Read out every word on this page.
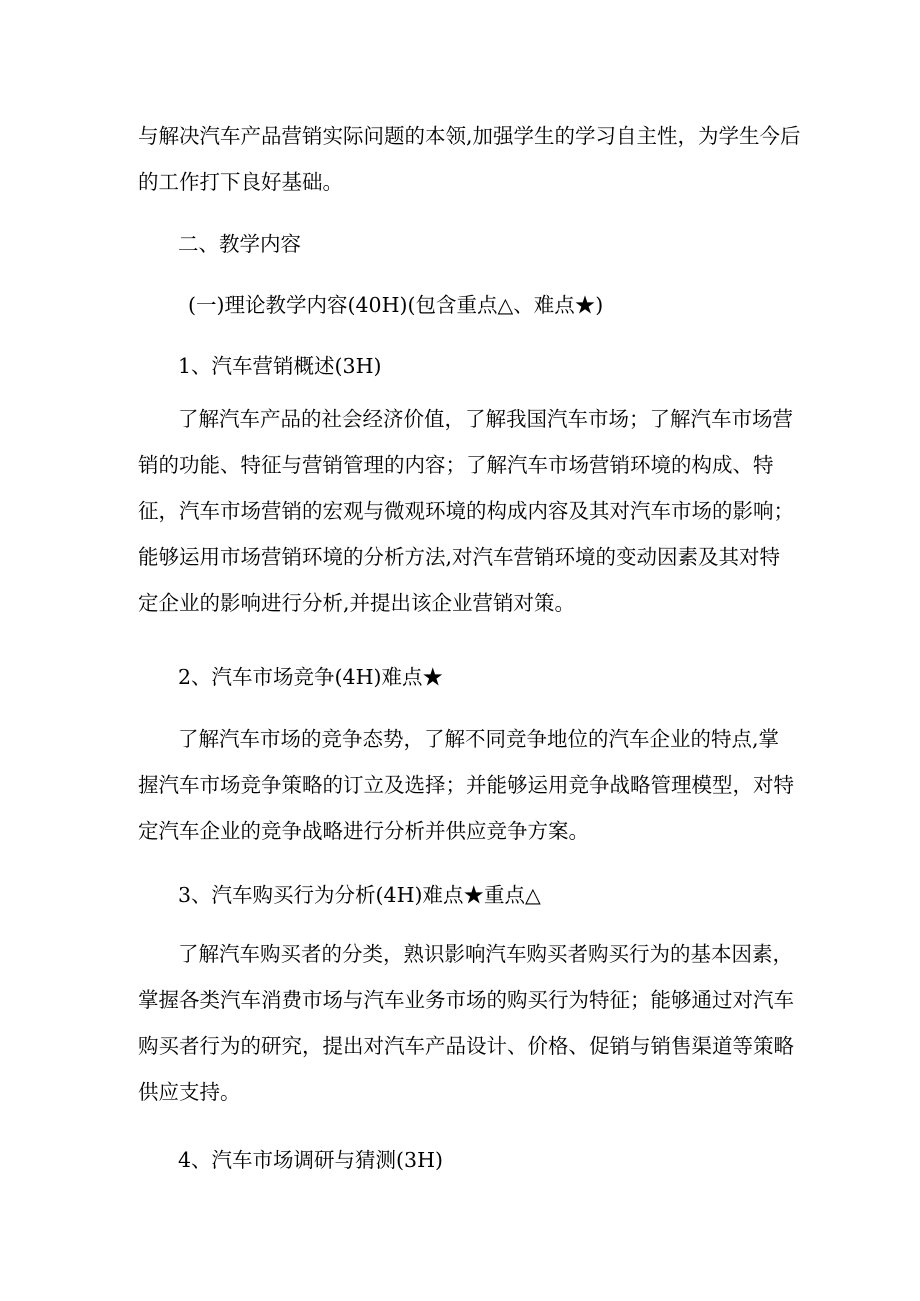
与解决汽车产品营销实际问题的本领,加强学生的学习自主性，为学生今后
的工作打下良好基础。
二、教学内容
(一)理论教学内容(40H)(包含重点△、难点★)
1、汽车营销概述(3H)
了解汽车产品的社会经济价值，了解我国汽车市场；了解汽车市场营
销的功能、特征与营销管理的内容；了解汽车市场营销环境的构成、特
征，汽车市场营销的宏观与微观环境的构成内容及其对汽车市场的影响；
能够运用市场营销环境的分析方法,对汽车营销环境的变动因素及其对特
定企业的影响进行分析,并提出该企业营销对策。
2、汽车市场竞争(4H)难点★
了解汽车市场的竞争态势，了解不同竞争地位的汽车企业的特点,掌
握汽车市场竞争策略的订立及选择；并能够运用竞争战略管理模型，对特
定汽车企业的竞争战略进行分析并供应竞争方案。
3、汽车购买行为分析(4H)难点★重点△
了解汽车购买者的分类，熟识影响汽车购买者购买行为的基本因素，
掌握各类汽车消费市场与汽车业务市场的购买行为特征；能够通过对汽车
购买者行为的研究，提出对汽车产品设计、价格、促销与销售渠道等策略
供应支持。
4、汽车市场调研与猜测(3H)
